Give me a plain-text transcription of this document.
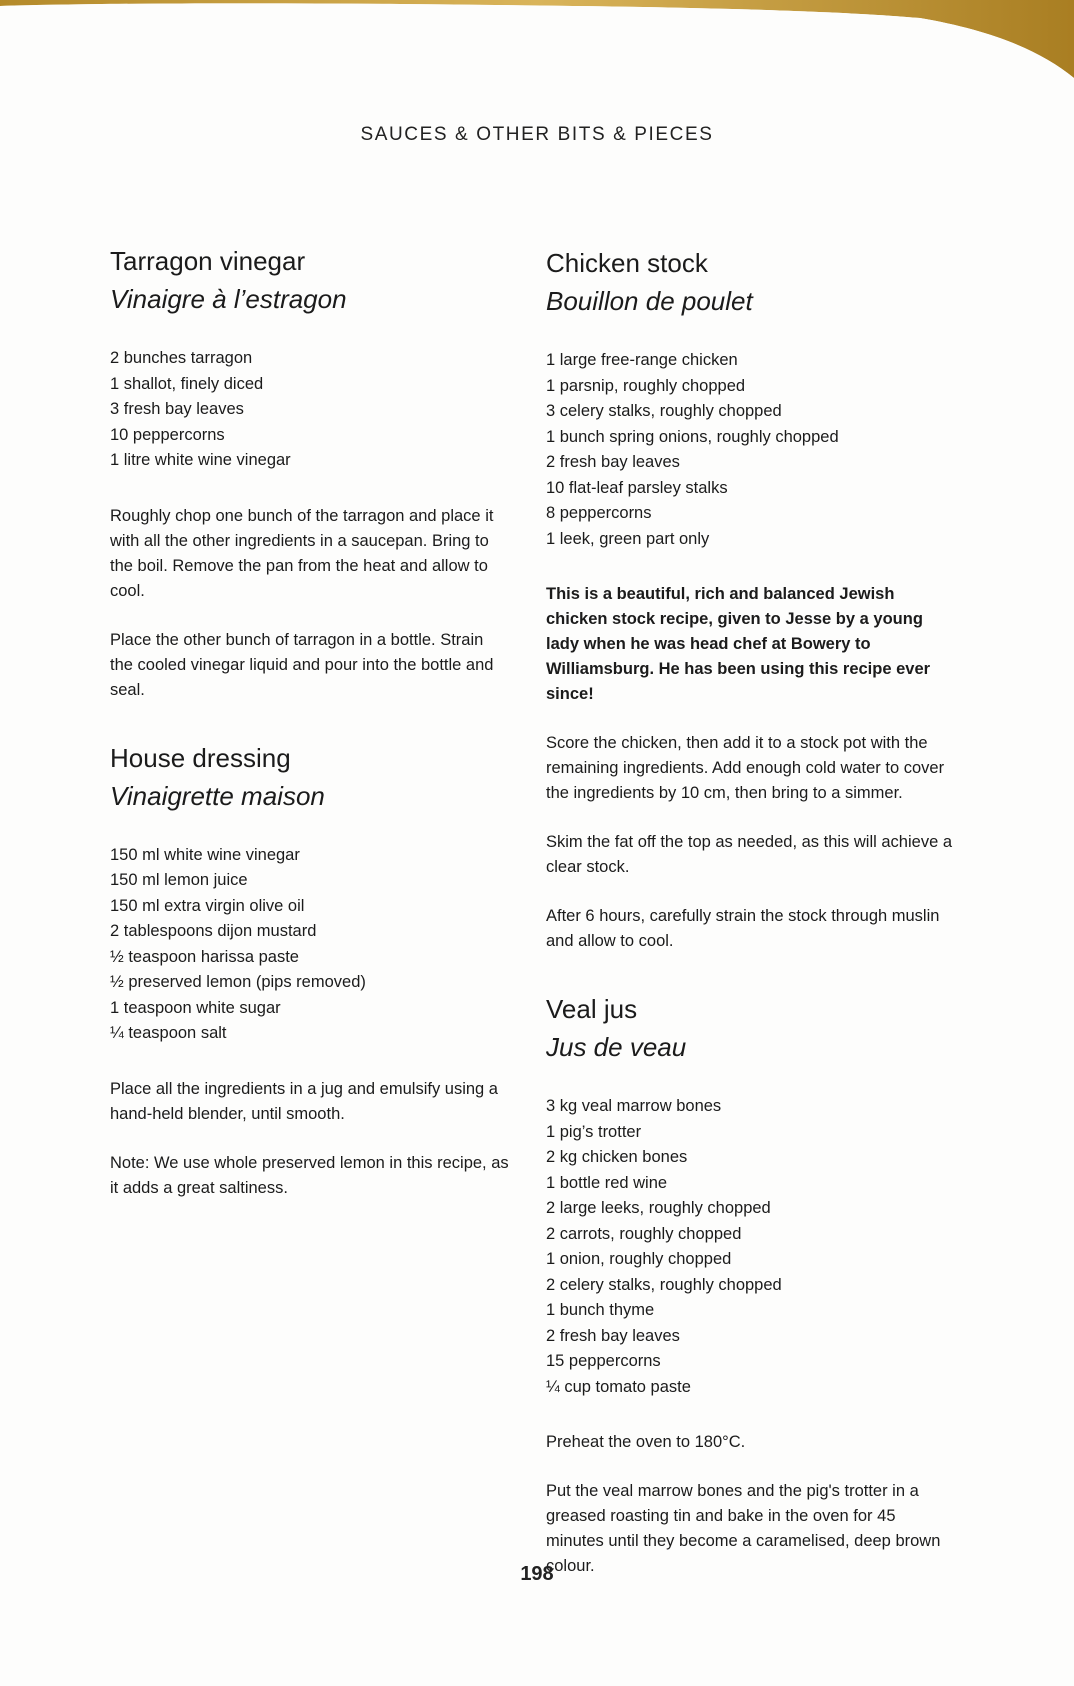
SAUCES & OTHER BITS & PIECES
Tarragon vinegar
Vinaigre à l’estragon
2 bunches tarragon
1 shallot, finely diced
3 fresh bay leaves
10 peppercorns
1 litre white wine vinegar

Roughly chop one bunch of the tarragon and place it with all the other ingredients in a saucepan. Bring to the boil. Remove the pan from the heat and allow to cool.

Place the other bunch of tarragon in a bottle. Strain the cooled vinegar liquid and pour into the bottle and seal.

House dressing
Vinaigrette maison
150 ml white wine vinegar
150 ml lemon juice
150 ml extra virgin olive oil
2 tablespoons dijon mustard
½ teaspoon harissa paste
½ preserved lemon (pips removed)
1 teaspoon white sugar
¼ teaspoon salt

Place all the ingredients in a jug and emulsify using a hand-held blender, until smooth.

Note: We use whole preserved lemon in this recipe, as it adds a great saltiness.

Chicken stock
Bouillon de poulet
1 large free-range chicken
1 parsnip, roughly chopped
3 celery stalks, roughly chopped
1 bunch spring onions, roughly chopped
2 fresh bay leaves
10 flat-leaf parsley stalks
8 peppercorns
1 leek, green part only

This is a beautiful, rich and balanced Jewish chicken stock recipe, given to Jesse by a young lady when he was head chef at Bowery to Williamsburg. He has been using this recipe ever since!

Score the chicken, then add it to a stock pot with the remaining ingredients. Add enough cold water to cover the ingredients by 10 cm, then bring to a simmer.

Skim the fat off the top as needed, as this will achieve a clear stock.

After 6 hours, carefully strain the stock through muslin and allow to cool.

Veal jus
Jus de veau
3 kg veal marrow bones
1 pig’s trotter
2 kg chicken bones
1 bottle red wine
2 large leeks, roughly chopped
2 carrots, roughly chopped
1 onion, roughly chopped
2 celery stalks, roughly chopped
1 bunch thyme
2 fresh bay leaves
15 peppercorns
¼ cup tomato paste

Preheat the oven to 180°C.

Put the veal marrow bones and the pig's trotter in a greased roasting tin and bake in the oven for 45 minutes until they become a caramelised, deep brown colour.

198
